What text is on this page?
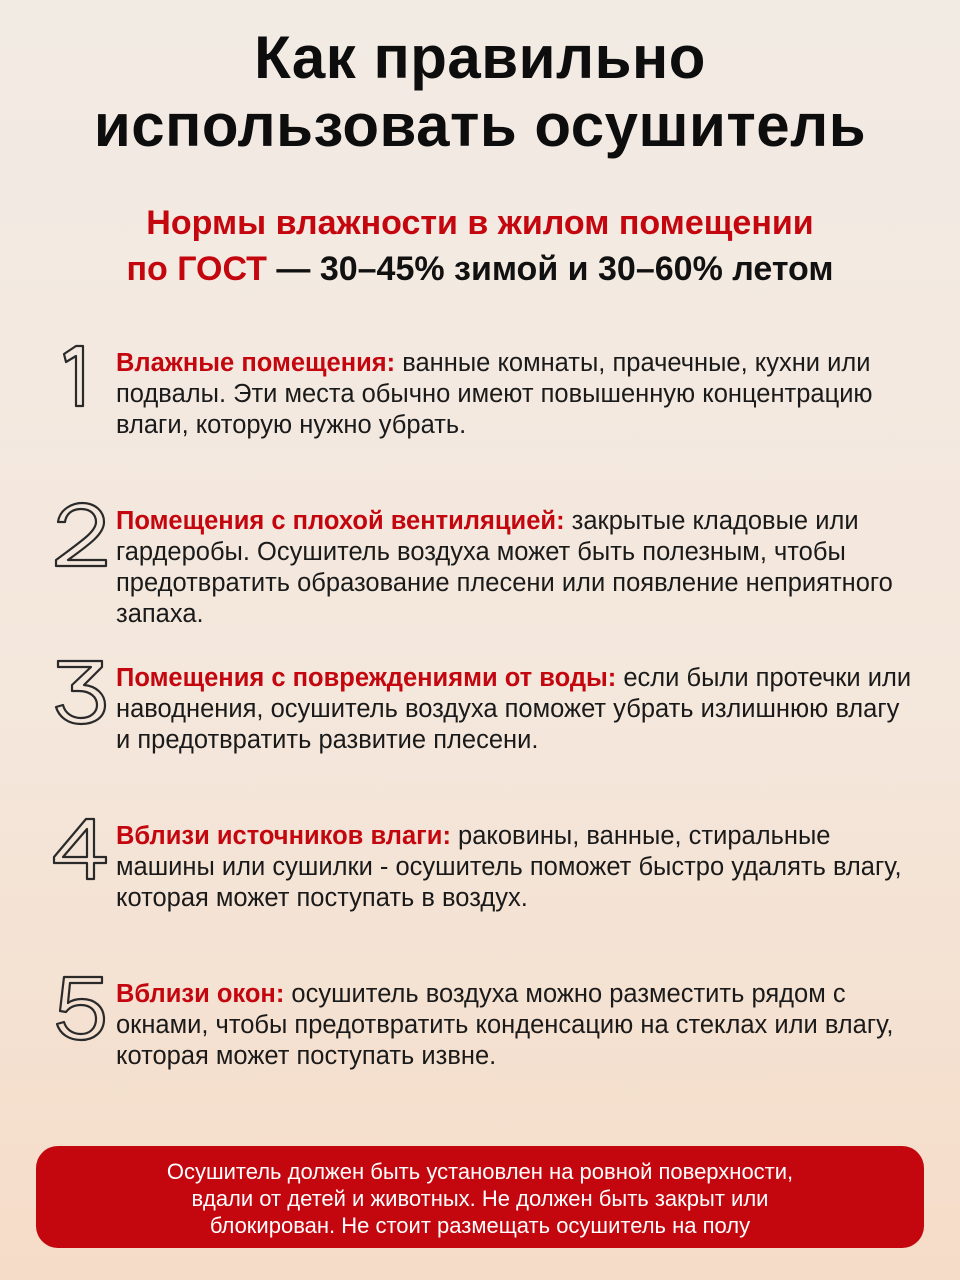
Как правильно
использовать осушитель
Нормы влажности в жилом помещении
по ГОСТ — 30–45% зимой и 30–60% летом
1
Влажные помещения: ванные комнаты, прачечные, кухни или подвалы. Эти места обычно имеют повышенную концентрацию влаги, которую нужно убрать.
2
Помещения с плохой вентиляцией: закрытые кладовые или гардеробы. Осушитель воздуха может быть полезным, чтобы предотвратить образование плесени или появление неприятного запаха.
3
Помещения с повреждениями от воды: если были протечки или наводнения, осушитель воздуха поможет убрать излишнюю влагу и предотвратить развитие плесени.
4
Вблизи источников влаги: раковины, ванные, стиральные машины или сушилки - осушитель поможет быстро удалять влагу, которая может поступать в воздух.
5
Вблизи окон: осушитель воздуха можно разместить рядом с окнами, чтобы предотвратить конденсацию на стеклах или влагу, которая может поступать извне.
Осушитель должен быть установлен на ровной поверхности,
вдали от детей и животных. Не должен быть закрыт или
блокирован. Не стоит размещать осушитель на полу
